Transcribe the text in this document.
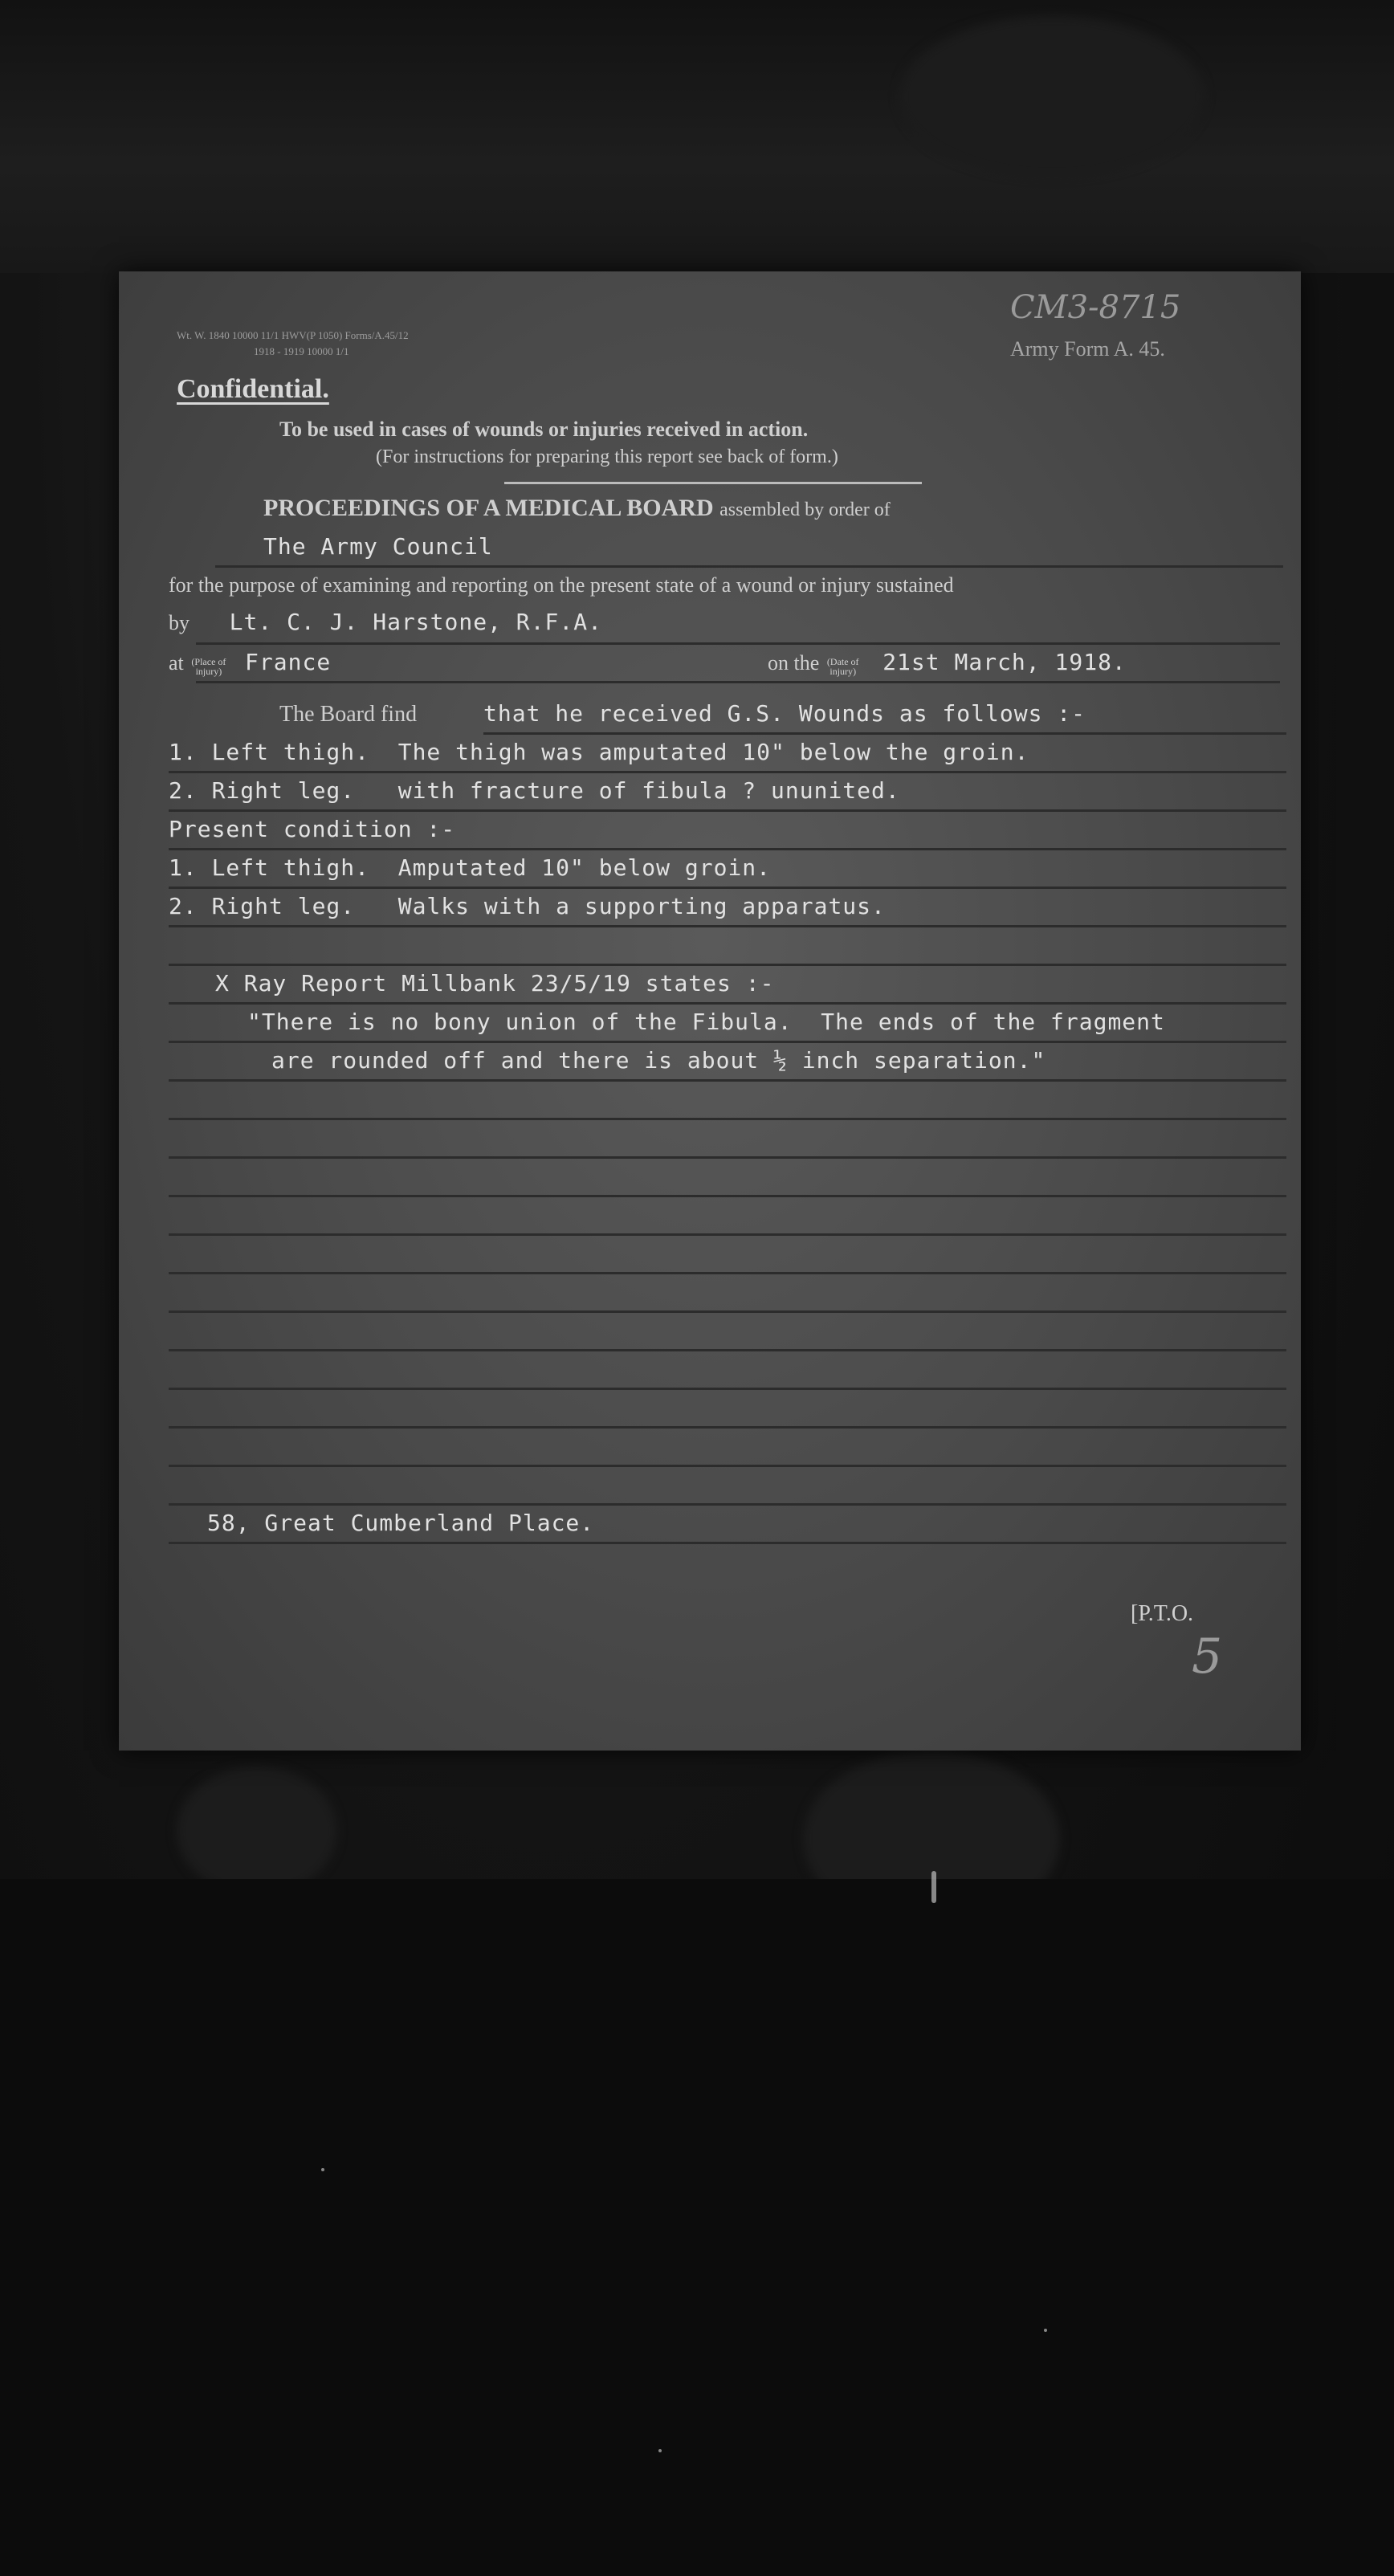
Wt. W. 1840 10000 11/1 HWV(P 1050) Forms/A.45/12
1918 - 1919 10000 1/1
CM3-8715
Army Form A. 45.
Confidential.
To be used in cases of wounds or injuries received in action.
(For instructions for preparing this report see back of form.)
PROCEEDINGS OF A MEDICAL BOARD assembled by order of
The Army Council
for the purpose of examining and reporting on the present state of a wound or injury sustained
by Lt. C. J. Harstone, R.F.A.
at (Place of
injury) France	on the (Date of
injury) 21st March, 1918.
The Board find	that he received G.S. Wounds as follows :-
1. Left thigh.  The thigh was amputated 10" below the groin.
2. Right leg.   with fracture of fibula ? ununited.
Present condition :-
1. Left thigh.  Amputated 10" below groin.
2. Right leg.   Walks with a supporting apparatus.
X Ray Report Millbank 23/5/19 states :-
"There is no bony union of the Fibula.  The ends of the fragment
are rounded off and there is about ½ inch separation."
58, Great Cumberland Place.
[P.T.O.
5
